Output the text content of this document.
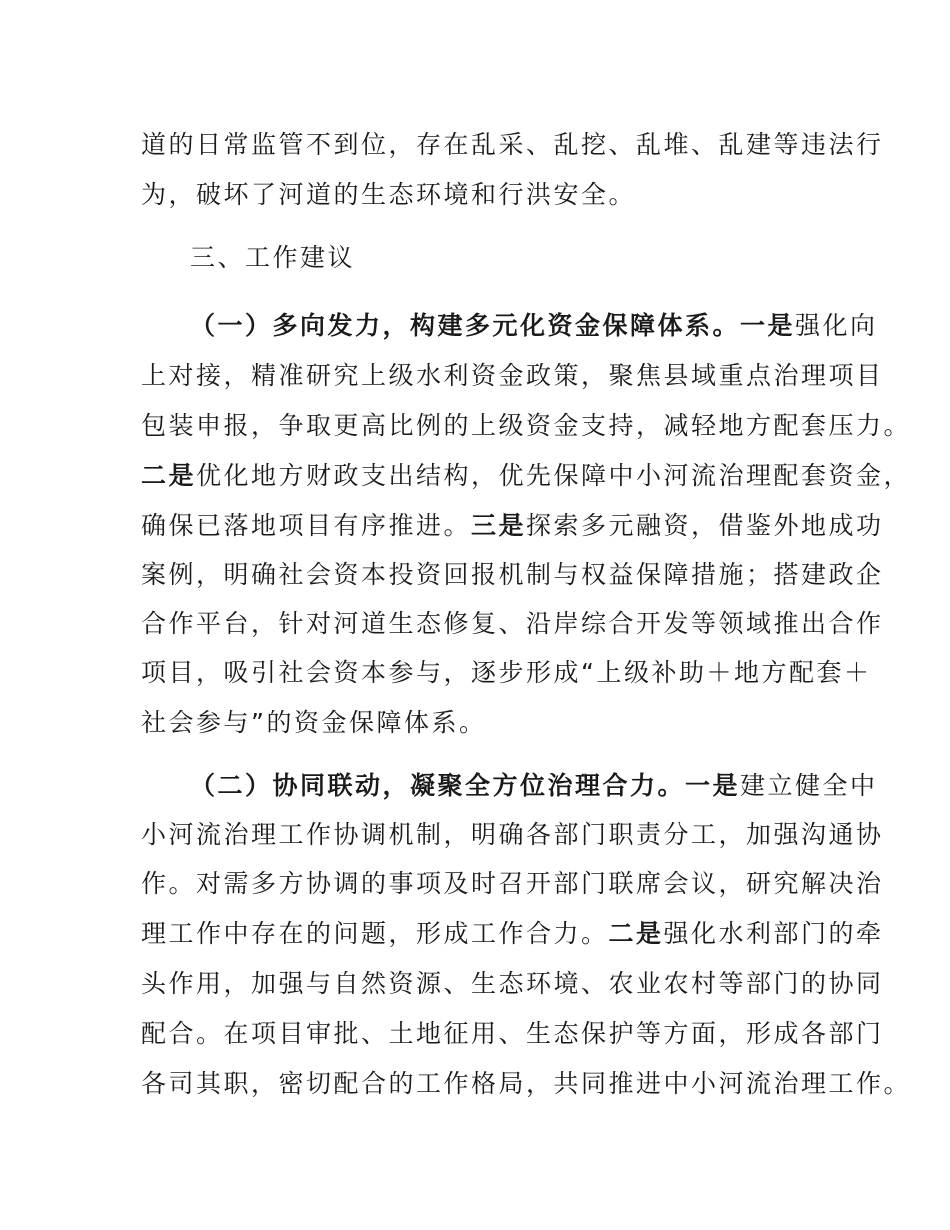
道的日常监管不到位，存在乱采、乱挖、乱堆、乱建等违法行
为，破坏了河道的生态环境和行洪安全。
三、工作建议
（一）多向发力，构建多元化资金保障体系。一是强化向
上对接，精准研究上级水利资金政策，聚焦县域重点治理项目
包装申报，争取更高比例的上级资金支持，减轻地方配套压力。
二是优化地方财政支出结构，优先保障中小河流治理配套资金，
确保已落地项目有序推进。三是探索多元融资，借鉴外地成功
案例，明确社会资本投资回报机制与权益保障措施；搭建政企
合作平台，针对河道生态修复、沿岸综合开发等领域推出合作
项目，吸引社会资本参与，逐步形成“上级补助＋地方配套＋
社会参与”的资金保障体系。
（二）协同联动，凝聚全方位治理合力。一是建立健全中
小河流治理工作协调机制，明确各部门职责分工，加强沟通协
作。对需多方协调的事项及时召开部门联席会议，研究解决治
理工作中存在的问题，形成工作合力。二是强化水利部门的牵
头作用，加强与自然资源、生态环境、农业农村等部门的协同
配合。在项目审批、土地征用、生态保护等方面，形成各部门
各司其职，密切配合的工作格局，共同推进中小河流治理工作。
